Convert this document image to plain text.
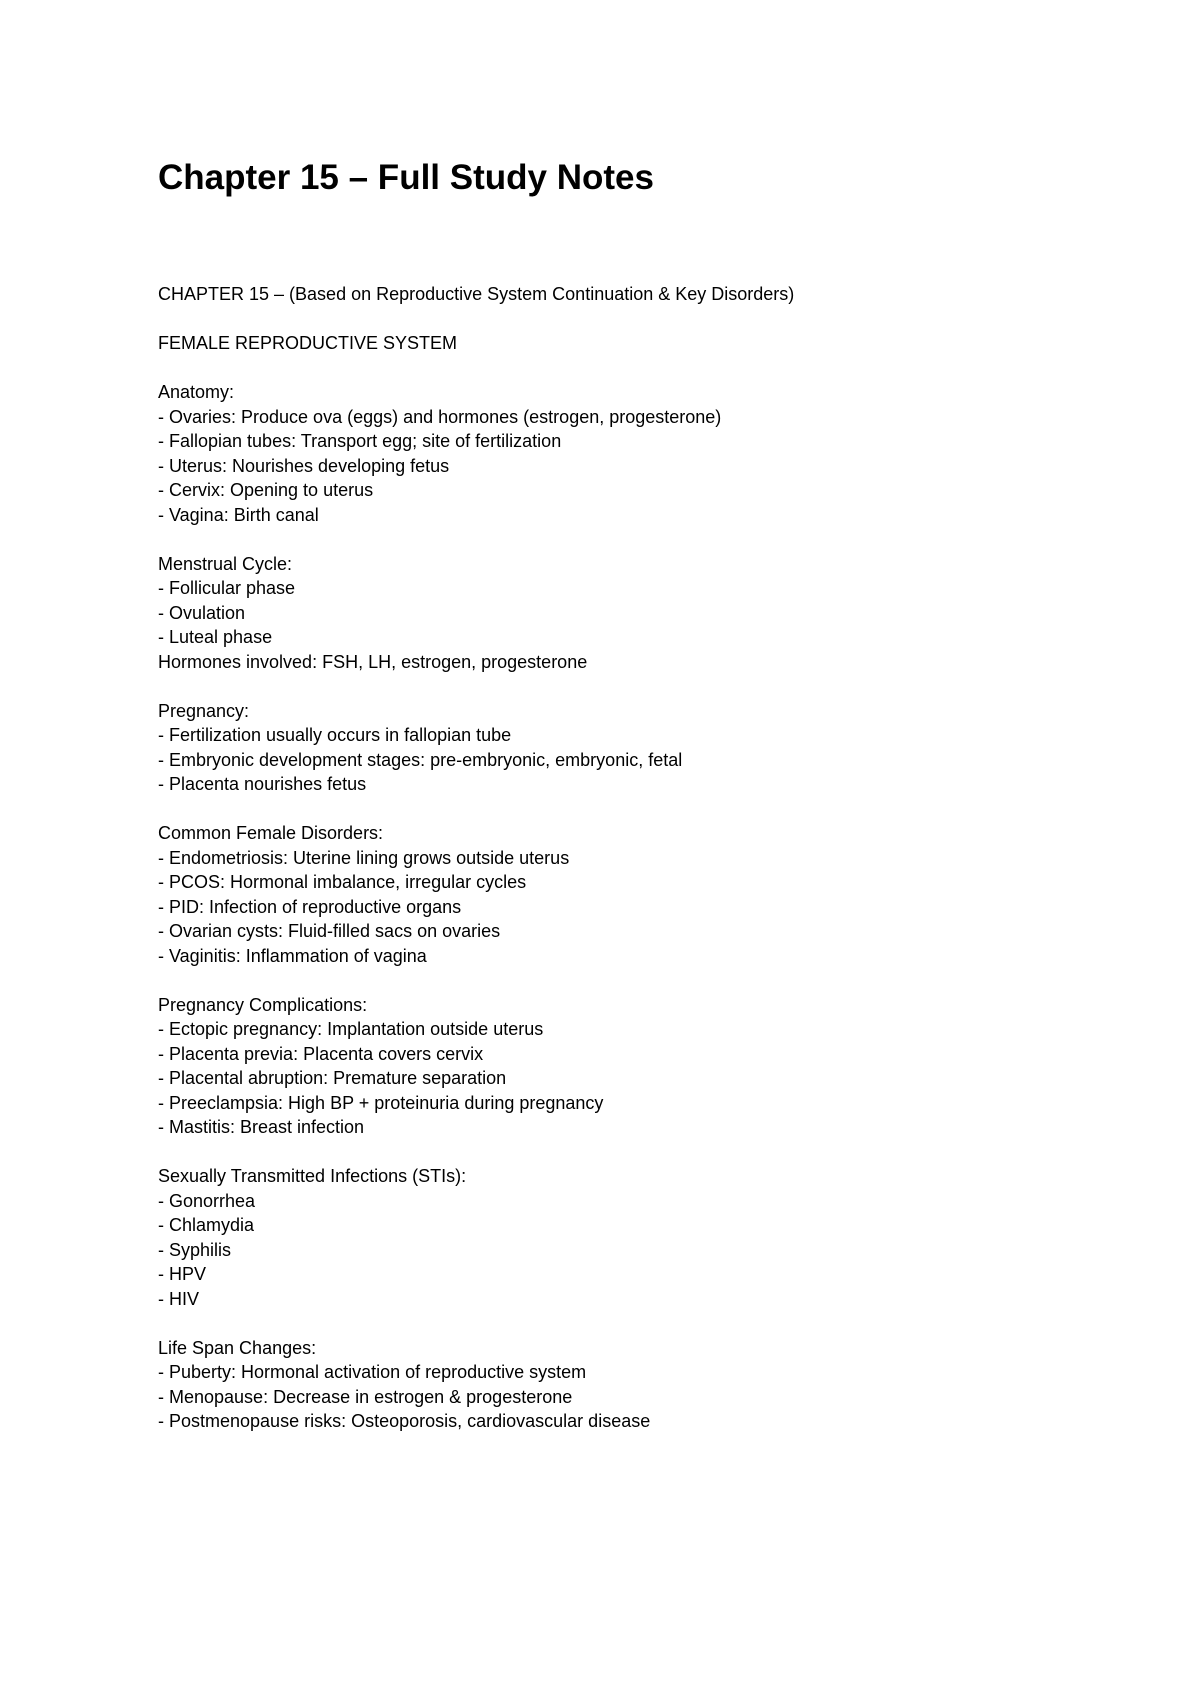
Chapter 15 – Full Study Notes

CHAPTER 15 – (Based on Reproductive System Continuation & Key Disorders)

FEMALE REPRODUCTIVE SYSTEM

Anatomy:
- Ovaries: Produce ova (eggs) and hormones (estrogen, progesterone)
- Fallopian tubes: Transport egg; site of fertilization
- Uterus: Nourishes developing fetus
- Cervix: Opening to uterus
- Vagina: Birth canal
Menstrual Cycle:
- Follicular phase
- Ovulation
- Luteal phase
Hormones involved: FSH, LH, estrogen, progesterone
Pregnancy:
- Fertilization usually occurs in fallopian tube
- Embryonic development stages: pre-embryonic, embryonic, fetal
- Placenta nourishes fetus
Common Female Disorders:
- Endometriosis: Uterine lining grows outside uterus
- PCOS: Hormonal imbalance, irregular cycles
- PID: Infection of reproductive organs
- Ovarian cysts: Fluid-filled sacs on ovaries
- Vaginitis: Inflammation of vagina
Pregnancy Complications:
- Ectopic pregnancy: Implantation outside uterus
- Placenta previa: Placenta covers cervix
- Placental abruption: Premature separation
- Preeclampsia: High BP + proteinuria during pregnancy
- Mastitis: Breast infection
Sexually Transmitted Infections (STIs):
- Gonorrhea
- Chlamydia
- Syphilis
- HPV
- HIV
Life Span Changes:
- Puberty: Hormonal activation of reproductive system
- Menopause: Decrease in estrogen & progesterone
- Postmenopause risks: Osteoporosis, cardiovascular disease
